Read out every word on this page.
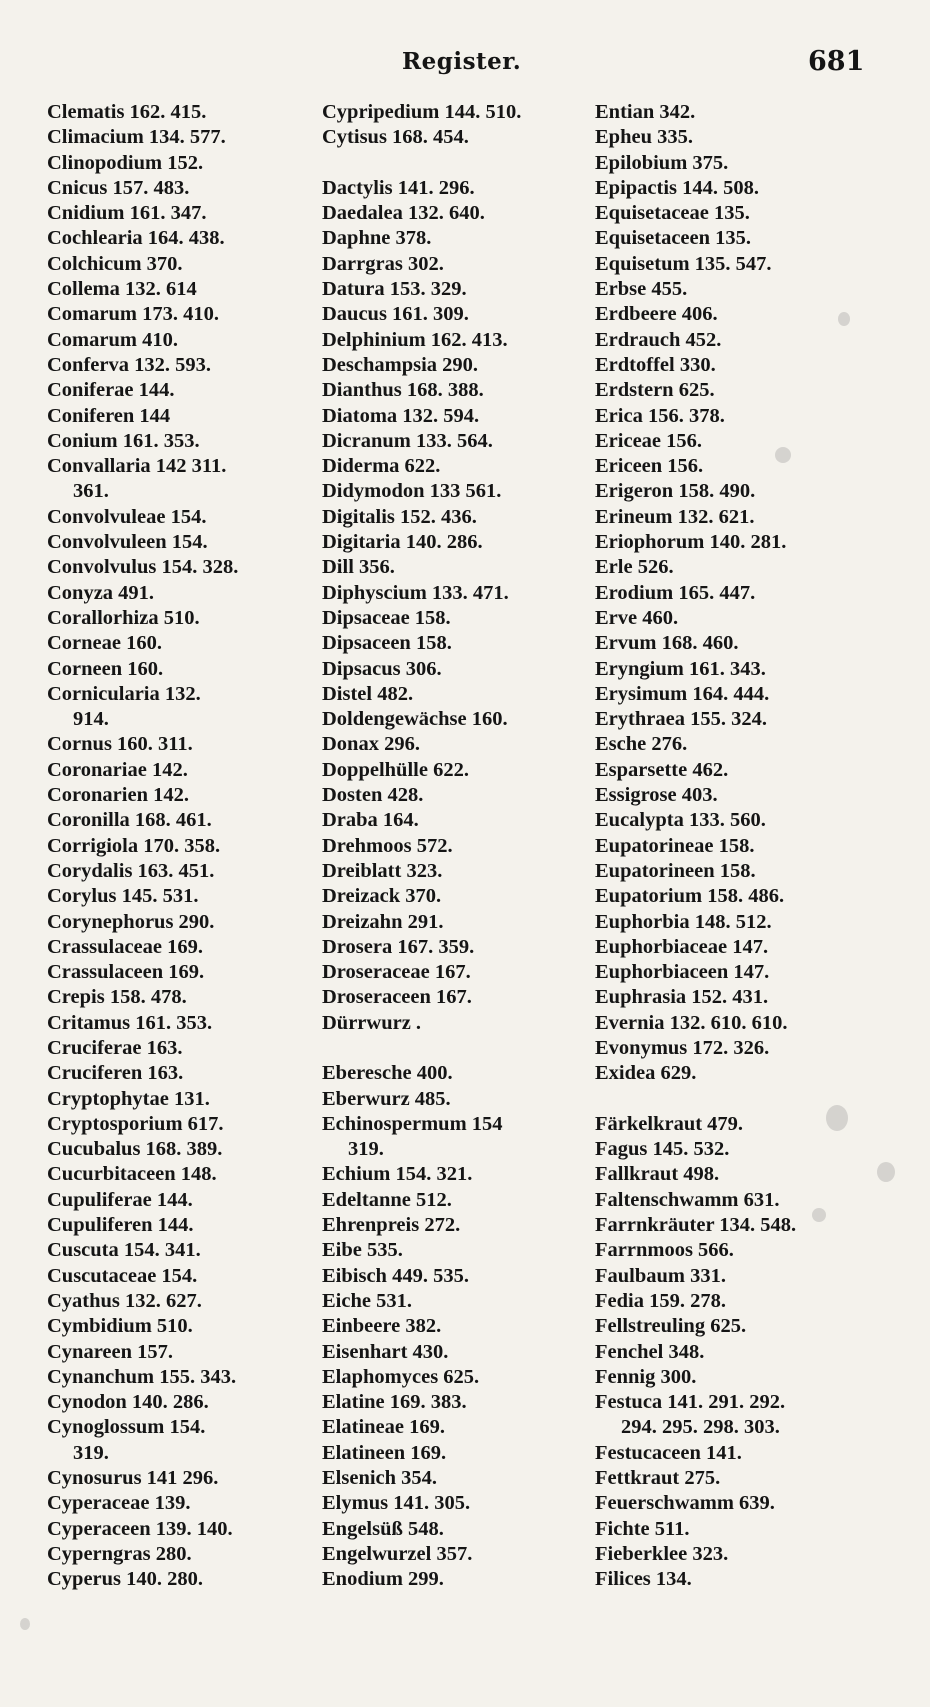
Register.	681
Clematis 162. 415.
Climacium 134. 577.
Clinopodium 152.
Cnicus 157. 483.
Cnidium 161. 347.
Cochlearia 164. 438.
Colchicum 370.
Collema 132. 614
Comarum 173. 410.
Comarum 410.
Conferva 132. 593.
Coniferae 144.
Coniferen 144
Conium 161. 353.
Convallaria 142 311.
361.
Convolvuleae 154.
Convolvuleen 154.
Convolvulus 154. 328.
Conyza 491.
Corallorhiza 510.
Corneae 160.
Corneen 160.
Cornicularia 132.
914.
Cornus 160. 311.
Coronariae 142.
Coronarien 142.
Coronilla 168. 461.
Corrigiola 170. 358.
Corydalis 163. 451.
Corylus 145. 531.
Corynephorus 290.
Crassulaceae 169.
Crassulaceen 169.
Crepis 158. 478.
Critamus 161. 353.
Cruciferae 163.
Cruciferen 163.
Cryptophytae 131.
Cryptosporium 617.
Cucubalus 168. 389.
Cucurbitaceen 148.
Cupuliferae 144.
Cupuliferen 144.
Cuscuta 154. 341.
Cuscutaceae 154.
Cyathus 132. 627.
Cymbidium 510.
Cynareen 157.
Cynanchum 155. 343.
Cynodon 140. 286.
Cynoglossum 154.
319.
Cynosurus 141 296.
Cyperaceae 139.
Cyperaceen 139. 140.
Cyperngras 280.
Cyperus 140. 280.
Cypripedium 144. 510.
Cytisus 168. 454.
Dactylis 141. 296.
Daedalea 132. 640.
Daphne 378.
Darrgras 302.
Datura 153. 329.
Daucus 161. 309.
Delphinium 162. 413.
Deschampsia 290.
Dianthus 168. 388.
Diatoma 132. 594.
Dicranum 133. 564.
Diderma 622.
Didymodon 133 561.
Digitalis 152. 436.
Digitaria 140. 286.
Dill 356.
Diphyscium 133. 471.
Dipsaceae 158.
Dipsaceen 158.
Dipsacus 306.
Distel 482.
Doldengewächse 160.
Donax 296.
Doppelhülle 622.
Dosten 428.
Draba 164.
Drehmoos 572.
Dreiblatt 323.
Dreizack 370.
Dreizahn 291.
Drosera 167. 359.
Droseraceae 167.
Droseraceen 167.
Dürrwurz .
Eberesche 400.
Eberwurz 485.
Echinospermum 154
319.
Echium 154. 321.
Edeltanne 512.
Ehrenpreis 272.
Eibe 535.
Eibisch 449. 535.
Eiche 531.
Einbeere 382.
Eisenhart 430.
Elaphomyces 625.
Elatine 169. 383.
Elatineae 169.
Elatineen 169.
Elsenich 354.
Elymus 141. 305.
Engelsüß 548.
Engelwurzel 357.
Enodium 299.
Entian 342.
Epheu 335.
Epilobium 375.
Epipactis 144. 508.
Equisetaceae 135.
Equisetaceen 135.
Equisetum 135. 547.
Erbse 455.
Erdbeere 406.
Erdrauch 452.
Erdtoffel 330.
Erdstern 625.
Erica 156. 378.
Ericeae 156.
Ericeen 156.
Erigeron 158. 490.
Erineum 132. 621.
Eriophorum 140. 281.
Erle 526.
Erodium 165. 447.
Erve 460.
Ervum 168. 460.
Eryngium 161. 343.
Erysimum 164. 444.
Erythraea 155. 324.
Esche 276.
Esparsette 462.
Essigrose 403.
Eucalypta 133. 560.
Eupatorineae 158.
Eupatorineen 158.
Eupatorium 158. 486.
Euphorbia 148. 512.
Euphorbiaceae 147.
Euphorbiaceen 147.
Euphrasia 152. 431.
Evernia 132. 610. 610.
Evonymus 172. 326.
Exidea 629.
Färkelkraut 479.
Fagus 145. 532.
Fallkraut 498.
Faltenschwamm 631.
Farrnkräuter 134. 548.
Farrnmoos 566.
Faulbaum 331.
Fedia 159. 278.
Fellstreuling 625.
Fenchel 348.
Fennig 300.
Festuca 141. 291. 292.
294. 295. 298. 303.
Festucaceen 141.
Fettkraut 275.
Feuerschwamm 639.
Fichte 511.
Fieberklee 323.
Filices 134.
